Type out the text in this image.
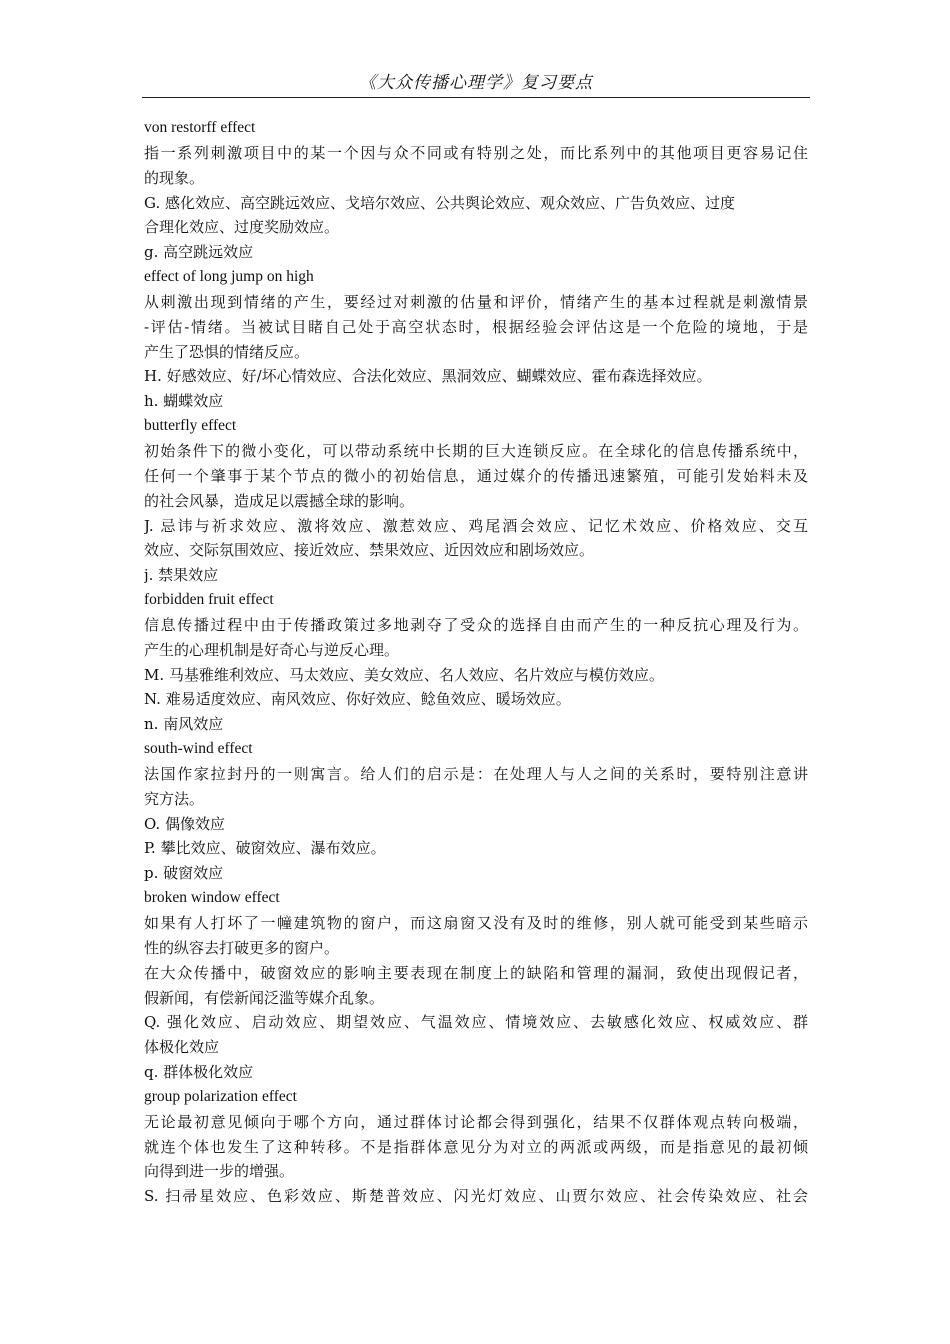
《大众传播心理学》复习要点
von restorff effect
指一系列刺激项目中的某一个因与众不同或有特别之处，而比系列中的其他项目更容易记住
的现象。
G. 感化效应、高空跳远效应、戈培尔效应、公共舆论效应、观众效应、广告负效应、过度
合理化效应、过度奖励效应。
g. 高空跳远效应
effect of long jump on high
从刺激出现到情绪的产生，要经过对刺激的估量和评价，情绪产生的基本过程就是刺激情景
-评估-情绪。当被试目睹自己处于高空状态时，根据经验会评估这是一个危险的境地，于是
产生了恐惧的情绪反应。
H. 好感效应、好/坏心情效应、合法化效应、黑洞效应、蝴蝶效应、霍布森选择效应。
h. 蝴蝶效应
butterfly effect
初始条件下的微小变化，可以带动系统中长期的巨大连锁反应。在全球化的信息传播系统中，
任何一个肇事于某个节点的微小的初始信息，通过媒介的传播迅速繁殖，可能引发始料未及
的社会风暴，造成足以震撼全球的影响。
J. 忌讳与祈求效应、激将效应、激惹效应、鸡尾酒会效应、记忆术效应、价格效应、交互
效应、交际氛围效应、接近效应、禁果效应、近因效应和剧场效应。
j. 禁果效应
forbidden fruit effect
信息传播过程中由于传播政策过多地剥夺了受众的选择自由而产生的一种反抗心理及行为。
产生的心理机制是好奇心与逆反心理。
M. 马基雅维利效应、马太效应、美女效应、名人效应、名片效应与模仿效应。
N. 难易适度效应、南风效应、你好效应、鲶鱼效应、暖场效应。
n. 南风效应
south-wind effect
法国作家拉封丹的一则寓言。给人们的启示是：在处理人与人之间的关系时，要特别注意讲
究方法。
O. 偶像效应
P. 攀比效应、破窗效应、瀑布效应。
p. 破窗效应
broken window effect
如果有人打坏了一幢建筑物的窗户，而这扇窗又没有及时的维修，别人就可能受到某些暗示
性的纵容去打破更多的窗户。
在大众传播中，破窗效应的影响主要表现在制度上的缺陷和管理的漏洞，致使出现假记者，
假新闻，有偿新闻泛滥等媒介乱象。
Q. 强化效应、启动效应、期望效应、气温效应、情境效应、去敏感化效应、权威效应、群
体极化效应
q. 群体极化效应
group polarization effect
无论最初意见倾向于哪个方向，通过群体讨论都会得到强化，结果不仅群体观点转向极端，
就连个体也发生了这种转移。不是指群体意见分为对立的两派或两级，而是指意见的最初倾
向得到进一步的增强。
S. 扫帚星效应、色彩效应、斯楚普效应、闪光灯效应、山贾尔效应、社会传染效应、社会
